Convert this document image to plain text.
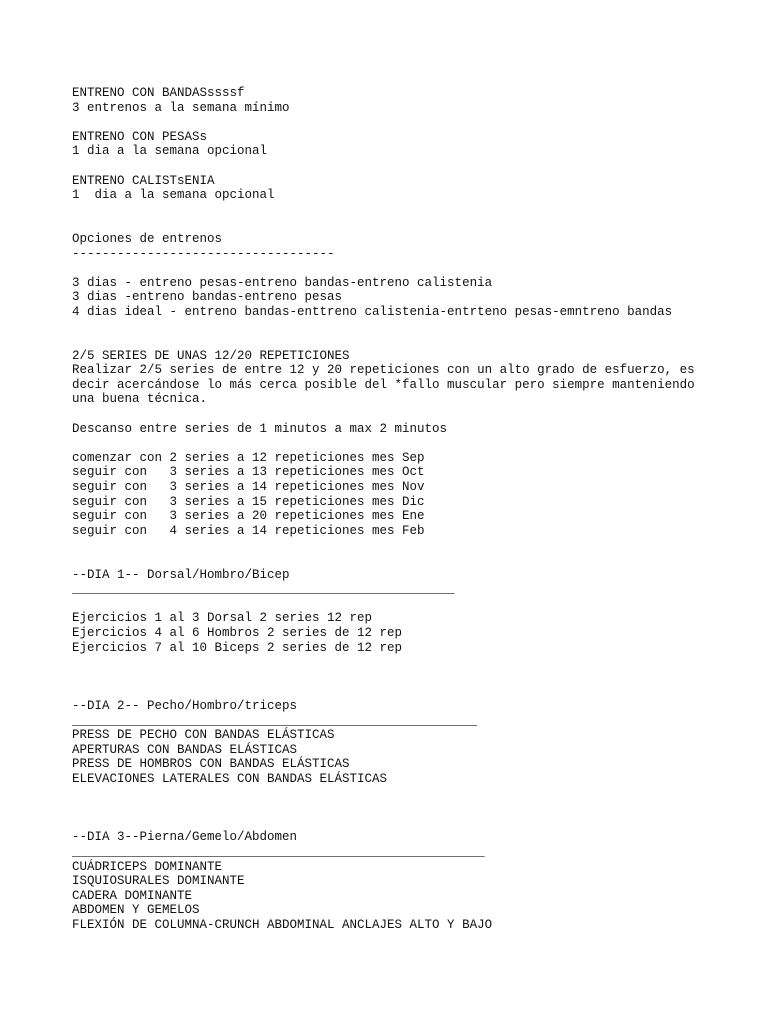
ENTRENO CON BANDASssssf
3 entrenos a la semana mínimo
ENTRENO CON PESASs
1 dia a la semana opcional
ENTRENO CALISTsENIA
1  dia a la semana opcional
Opciones de entrenos
-----------------------------------
3 dias - entreno pesas-entreno bandas-entreno calistenia
3 dias -entreno bandas-entreno pesas
4 dias ideal - entreno bandas-enttreno calistenia-entrteno pesas-emntreno bandas
2/5 SERIES DE UNAS 12/20 REPETICIONES
Realizar 2/5 series de entre 12 y 20 repeticiones con un alto grado de esfuerzo, es
decir acercándose lo más cerca posible del *fallo muscular pero siempre manteniendo
una buena técnica.
Descanso entre series de 1 minutos a max 2 minutos
comenzar con 2 series a 12 repeticiones mes Sep
seguir con   3 series a 13 repeticiones mes Oct
seguir con   3 series a 14 repeticiones mes Nov
seguir con   3 series a 15 repeticiones mes Dic
seguir con   3 series a 20 repeticiones mes Ene
seguir con   4 series a 14 repeticiones mes Feb
--DIA 1-- Dorsal/Hombro/Bicep
___________________________________________________
Ejercicios 1 al 3 Dorsal 2 series 12 rep
Ejercicios 4 al 6 Hombros 2 series de 12 rep
Ejercicios 7 al 10 Biceps 2 series de 12 rep
--DIA 2-- Pecho/Hombro/triceps
______________________________________________________
PRESS DE PECHO CON BANDAS ELÁSTICAS
APERTURAS CON BANDAS ELÁSTICAS
PRESS DE HOMBROS CON BANDAS ELÁSTICAS
ELEVACIONES LATERALES CON BANDAS ELÁSTICAS
--DIA 3--Pierna/Gemelo/Abdomen
_______________________________________________________
CUÁDRICEPS DOMINANTE
ISQUIOSURALES DOMINANTE
CADERA DOMINANTE
ABDOMEN Y GEMELOS
FLEXIÓN DE COLUMNA-CRUNCH ABDOMINAL ANCLAJES ALTO Y BAJO
